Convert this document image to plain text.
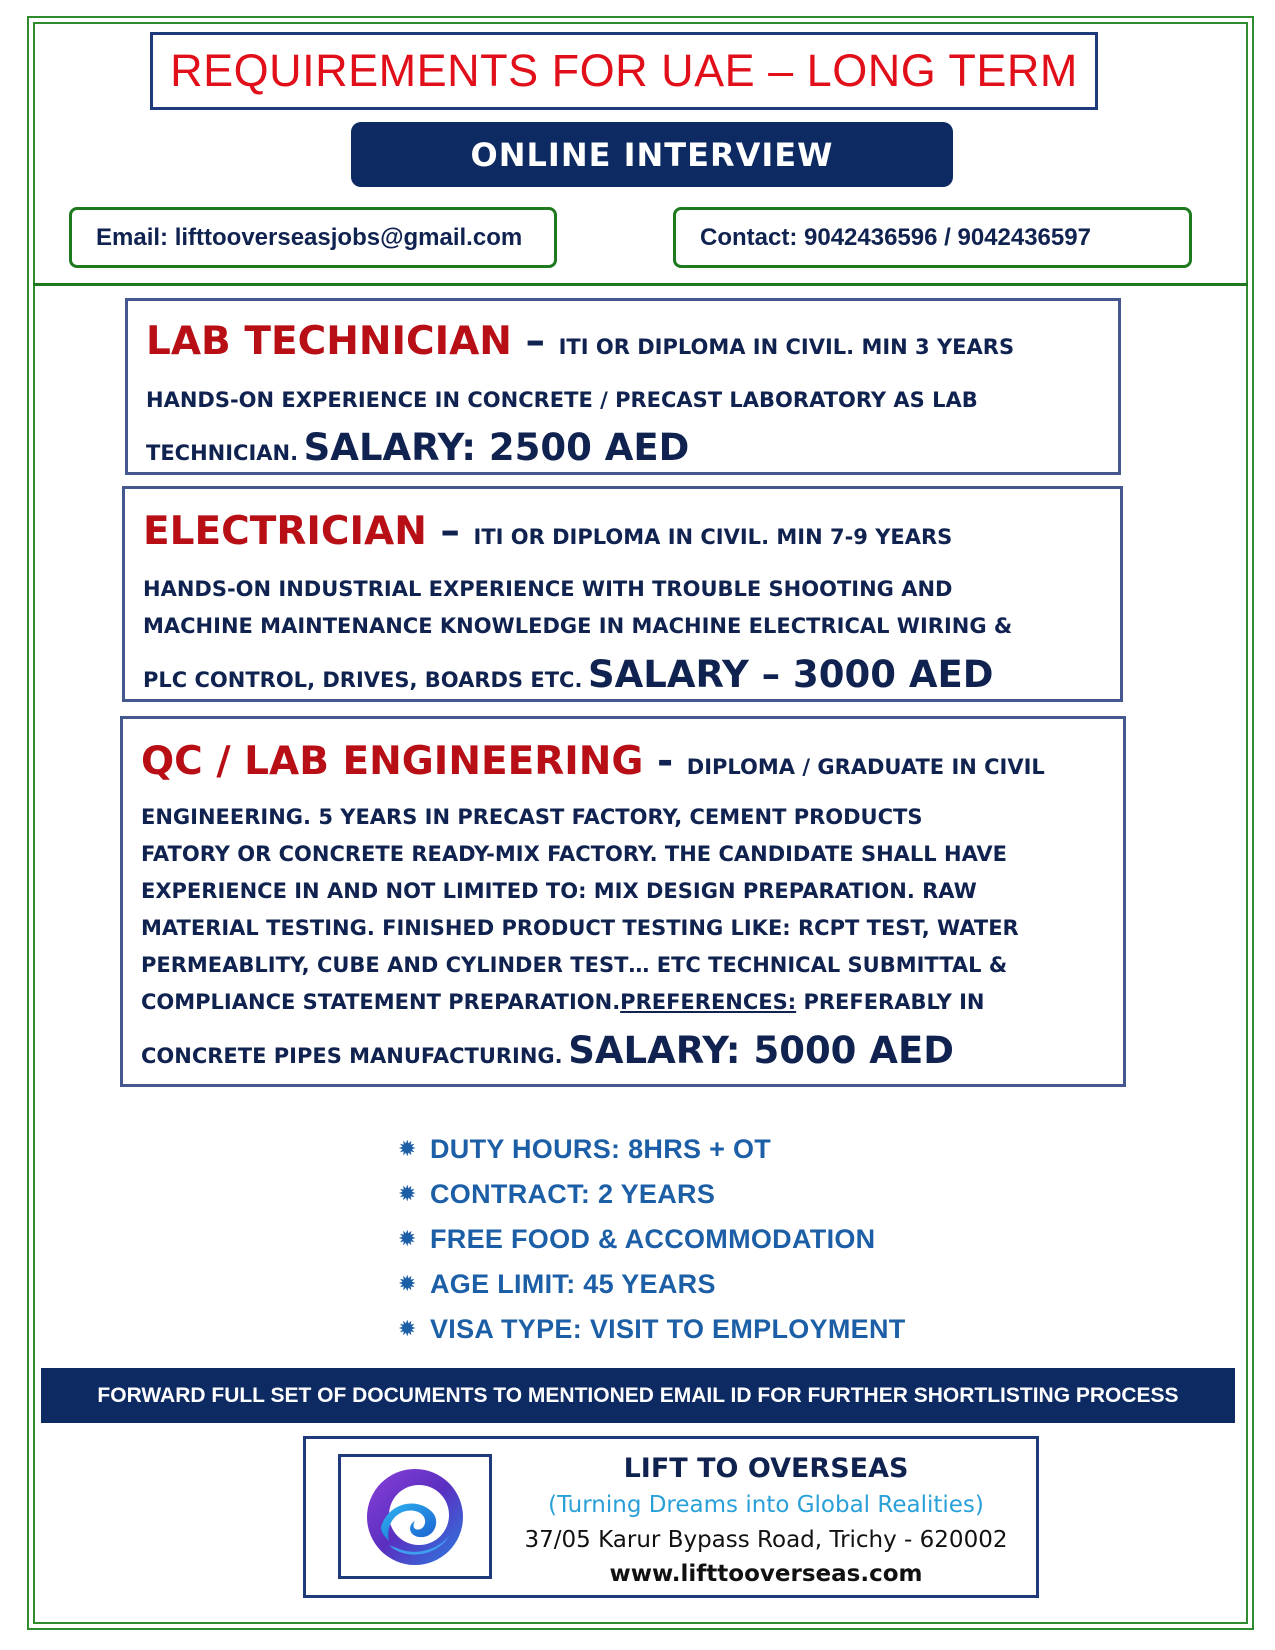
REQUIREMENTS FOR UAE – LONG TERM
ONLINE INTERVIEW
Email: lifttooverseasjobs@gmail.com	Contact: 9042436596 / 9042436597
LAB TECHNICIAN – ITI OR DIPLOMA IN CIVIL. MIN 3 YEARS
HANDS-ON EXPERIENCE IN CONCRETE / PRECAST LABORATORY AS LAB
TECHNICIAN. SALARY: 2500 AED
ELECTRICIAN – ITI OR DIPLOMA IN CIVIL. MIN 7-9 YEARS
HANDS-ON INDUSTRIAL EXPERIENCE WITH TROUBLE SHOOTING AND
MACHINE MAINTENANCE KNOWLEDGE IN MACHINE ELECTRICAL WIRING &
PLC CONTROL, DRIVES, BOARDS ETC. SALARY – 3000 AED
QC / LAB ENGINEERING - DIPLOMA / GRADUATE IN CIVIL
ENGINEERING. 5 YEARS IN PRECAST FACTORY, CEMENT PRODUCTS
FATORY OR CONCRETE READY-MIX FACTORY. THE CANDIDATE SHALL HAVE
EXPERIENCE IN AND NOT LIMITED TO: MIX DESIGN PREPARATION. RAW
MATERIAL TESTING. FINISHED PRODUCT TESTING LIKE: RCPT TEST, WATER
PERMEABLITY, CUBE AND CYLINDER TEST… ETC TECHNICAL SUBMITTAL &
COMPLIANCE STATEMENT PREPARATION.PREFERENCES: PREFERABLY IN
CONCRETE PIPES MANUFACTURING. SALARY: 5000 AED
✹ DUTY HOURS: 8HRS + OT
✹ CONTRACT: 2 YEARS
✹ FREE FOOD & ACCOMMODATION
✹ AGE LIMIT: 45 YEARS
✹ VISA TYPE: VISIT TO EMPLOYMENT
FORWARD FULL SET OF DOCUMENTS TO MENTIONED EMAIL ID FOR FURTHER SHORTLISTING PROCESS
LIFT TO OVERSEAS
(Turning Dreams into Global Realities)
37/05 Karur Bypass Road, Trichy - 620002
www.lifttooverseas.com
